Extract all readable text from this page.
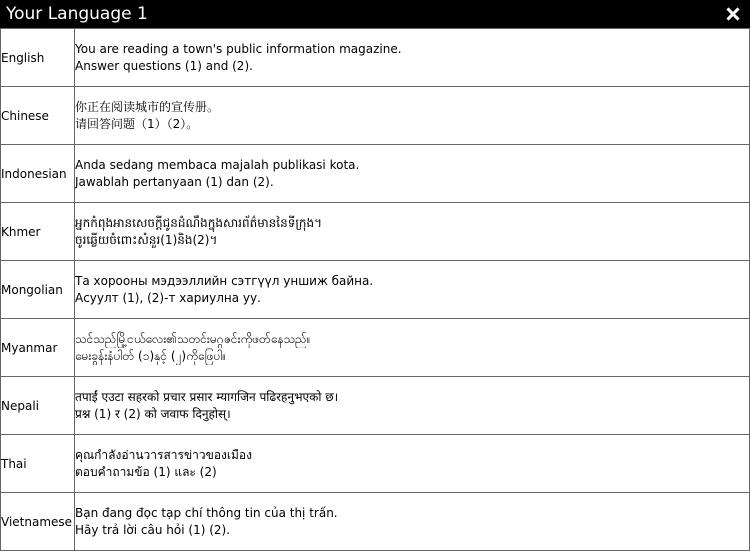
Your Language 1
English	You are reading a town's public information magazine.
Answer questions (1) and (2).

Chinese	你正在阅读城市的宣传册。
请回答问题（1）（2）。

Indonesian	Anda sedang membaca majalah publikasi kota.
Jawablah pertanyaan (1) dan (2).

Khmer	អ្នកកំពុងអានសេចក្ដីជូនដំណឹងក្នុងសារព័ត៌មាននៃទីក្រុង។
ចូរឆ្លើយចំពោះសំនួរ(1)និង(2)។

Mongolian	Та хорооны мэдээллийн сэтгүүл уншиж байна.
Асуулт (1), (2)-т хариулна уу.

Myanmar	သင်သည်မြို့ငယ်လေး၏သတင်းမဂ္ဂဇင်းကိုဖတ်နေသည်။
မေးခွန်းနံပါတ် (၁)နှင့် (၂)ကိုဖြေပါ။

Nepali	तपाईं एउटा सहरको प्रचार प्रसार म्यागजिन पढिरहनुभएको छ।
प्रश्न (1) र (2) को जवाफ दिनुहोस्।

Thai	คุณกำลังอ่านวารสารข่าวของเมือง
ตอบคำถามข้อ (1) และ (2)

Vietnamese	Bạn đang đọc tạp chí thông tin của thị trấn.
Hãy trả lời câu hỏi (1) (2).
